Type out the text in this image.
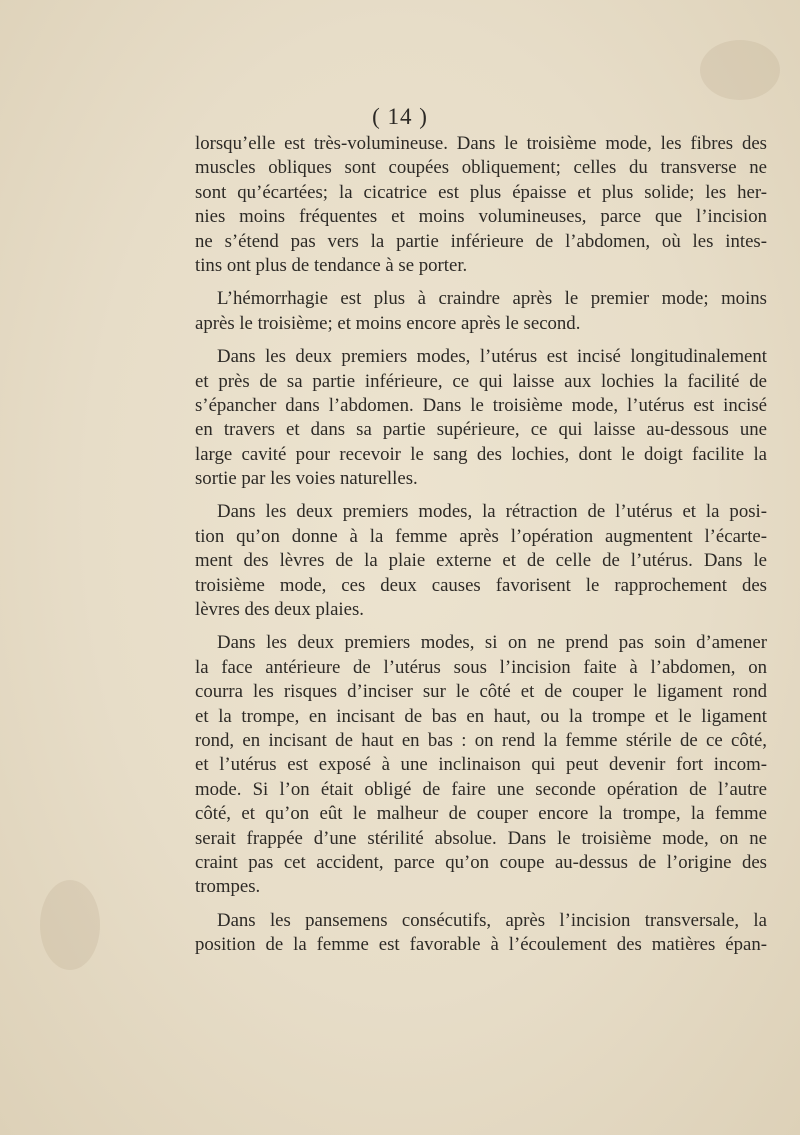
( 14 )
lorsqu’elle est très-volumineuse. Dans le troisième mode, les fibres des
muscles obliques sont coupées obliquement; celles du transverse ne
sont qu’écartées; la cicatrice est plus épaisse et plus solide; les her-
nies moins fréquentes et moins volumineuses, parce que l’incision
ne s’étend pas vers la partie inférieure de l’abdomen, où les intes-
tins ont plus de tendance à se porter.
L’hémorrhagie est plus à craindre après le premier mode; moins
après le troisième; et moins encore après le second.
Dans les deux premiers modes, l’utérus est incisé longitudinalement
et près de sa partie inférieure, ce qui laisse aux lochies la facilité de
s’épancher dans l’abdomen. Dans le troisième mode, l’utérus est incisé
en travers et dans sa partie supérieure, ce qui laisse au-dessous une
large cavité pour recevoir le sang des lochies, dont le doigt facilite la
sortie par les voies naturelles.
Dans les deux premiers modes, la rétraction de l’utérus et la posi-
tion qu’on donne à la femme après l’opération augmentent l’écarte-
ment des lèvres de la plaie externe et de celle de l’utérus. Dans le
troisième mode, ces deux causes favorisent le rapprochement des
lèvres des deux plaies.
Dans les deux premiers modes, si on ne prend pas soin d’amener
la face antérieure de l’utérus sous l’incision faite à l’abdomen, on
courra les risques d’inciser sur le côté et de couper le ligament rond
et la trompe, en incisant de bas en haut, ou la trompe et le ligament
rond, en incisant de haut en bas : on rend la femme stérile de ce côté,
et l’utérus est exposé à une inclinaison qui peut devenir fort incom-
mode. Si l’on était obligé de faire une seconde opération de l’autre
côté, et qu’on eût le malheur de couper encore la trompe, la femme
serait frappée d’une stérilité absolue. Dans le troisième mode, on ne
craint pas cet accident, parce qu’on coupe au-dessus de l’origine des
trompes.
Dans les pansemens consécutifs, après l’incision transversale, la
position de la femme est favorable à l’écoulement des matières épan-
